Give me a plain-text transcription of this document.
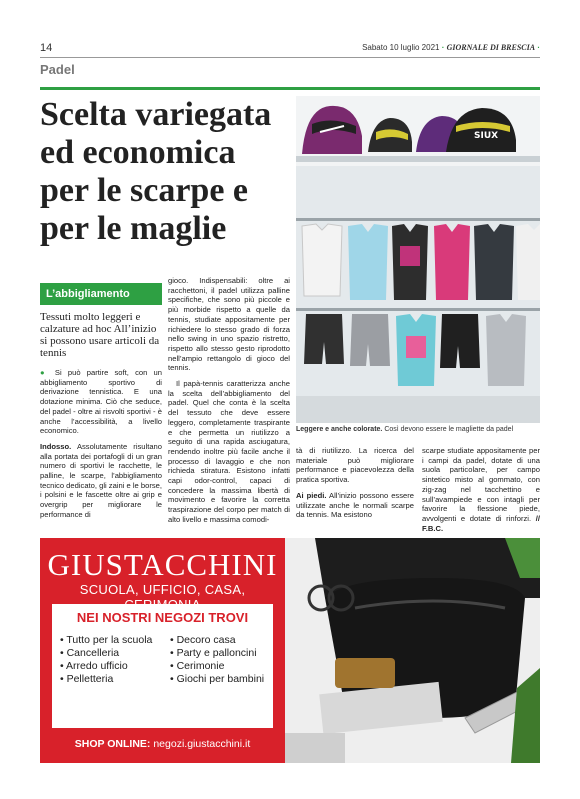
14	Sabato 10 luglio 2021 · GIORNALE DI BRESCIA ·
Padel
Scelta variegata ed economica per le scarpe e per le maglie
SIUX
Leggere e anche colorate. Così devono essere le magliette da padel
L’abbigliamento
Tessuti molto leggeri e calzature ad hoc All’inizio si possono usare articoli da tennis

● Si può partire soft, con un abbigliamento sportivo di derivazione tennistica. E una dotazione minima. Ciò che seduce, del padel - oltre ai risvolti sportivi - è anche l’accessibilità, a livello economico.

Indosso. Assolutamente risultano alla portata dei portafogli di un gran numero di sportivi le racchette, le palline, le scarpe, l’abbigliamento tecnico dedicato, gli zaini e le borse, i polsini e le fascette oltre ai grip e overgrip per migliorare le performance di

gioco. Indispensabili: oltre ai racchettoni, il padel utilizza palline specifiche, che sono più piccole e più morbide rispetto a quelle da tennis, studiate appositamente per richiedere lo stesso grado di forza nello swing in uno spazio ristretto, rispetto allo stesso gesto riprodotto nell’ampio rettangolo di gioco del tennis.

Il papà-tennis caratterizza anche la scelta dell’abbigliamento del padel. Quel che conta è la scelta del tessuto che deve essere leggero, completamente traspirante e che permetta un riutilizzo a seguito di una rapida asciugatura, rendendo inoltre più facile anche il processo di lavaggio e che non richieda stiratura. Esistono infatti capi odor-control, capaci di concedere la massima libertà di movimento e favorire la corretta traspirazione del corpo per match di alto livello e massima comodi-

tà di riutilizzo. La ricerca del materiale può migliorare performance e piacevolezza della pratica sportiva.

Ai piedi. All’inizio possono essere utilizzate anche le normali scarpe da tennis. Ma esistono

scarpe studiate appositamente per i campi da padel, dotate di una suola particolare, per campo sintetico misto al gommato, con zig-zag nel tacchettino e sull’avampiede e con intagli per favorire la flessione piede, avvolgenti e dotate di rinforzi. // F.B.C.

GIUSTACCHINI
SCUOLA, UFFICIO, CASA,
NEI NOSTRI NEGOZI TROVI
• Tutto per la scuola
• Cancelleria
• Arredo ufficio
• Pelletteria
• Decoro casa
• Party e palloncini
• Cerimonie
• Giochi per bambini
BRESCIA
Viale S. Eufemia, 192
RONCADELLE
Via V. Emanuele II, 17
SHOP ONLINE: negozi.giustacchini.it
